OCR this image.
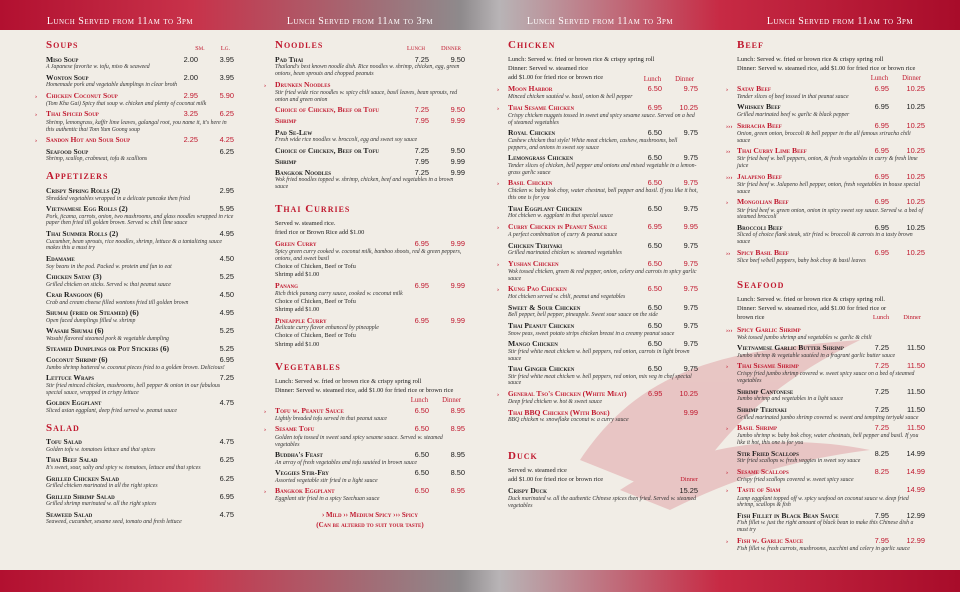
Lunch Served from 11am to 3pm	Lunch Served from 11am to 3pm	Lunch Served from 11am to 3pm	Lunch Served from 11am to 3pm
Soups	Sm. Lg.
Miso Soup	2.00	3.95
A Japanese favorite w. tofu, miso & seaweed
Wonton Soup	2.00	3.95
Homemade pork and vegetable dumplings in clear broth
›	Chicken Coconut Soup	2.95	5.90
(Tom Kha Gai) Spicy thai soup w. chicken and plenty of coconut milk
›	Thai Spiced Soup	3.25	6.25
Shrimp, lemongrass, kaffir lime leaves, galangal root, you name it, it's here in this authentic thai Tom Yum Goong soup
›	Sandon Hot and Sour Soup	2.25	4.25
Seafood Soup	6.25
Shrimp, scallop, crabmeat, tofu & scallions
Appetizers
Crispy Spring Rolls (2)	2.95
Shredded vegetables wrapped in a delicate pancake then fried
Vietnamese Egg Rolls (2)	5.95
Pork, jicama, carrots, onion, two mushrooms, and glass noodles wrapped in rice paper then fried till golden brown. Served w. chili lime sauce
Thai Summer Rolls (2)	4.95
Cucumber, bean sprouts, rice noodles, shrimp, lettuce & a tantalizing sauce makes this a must try
Edamame	4.50
Soy beans in the pod. Packed w. protein and fun to eat
Chicken Satay (3)	5.25
Grilled chicken on sticks. Served w. thai peanut sauce
Crab Rangoon (6)	4.50
Crab and cream cheese filled wontons fried till golden brown
Shumai (fried or Steamed) (6)	4.95
Open faced dumplings filled w. shrimp
Wasabi Shumai (6)	5.25
Wasabi flavored steamed pork & vegetable dumpling
Steamed Dumplings or Pot Stickers (6)	5.25
Coconut Shrimp (6)	6.95
Jumbo shrimp battered w. coconut pieces fried to a golden brown. Delicious!
Lettuce Wraps	7.25
Stir fried minced chicken, mushrooms, bell pepper & onion in our fabulous special sauce, wrapped in crispy lettuce
Golden Eggplant	4.75
Sliced asian eggplant, deep fried served w. peanut sauce
Salad
Tofu Salad	4.75
Golden tofu w. tomatoes lettuce and thai spices
Thai Beef Salad	6.25
It's sweet, sour, salty and spicy w. tomatoes, lettuce and thai spices
Grilled Chicken Salad	6.25
Grilled chicken marinated in all the right spices
Grilled Shrimp Salad	6.95
Grilled shrimp marinated w. all the right spices
Seaweed Salad	4.75
Seaweed, cucumber, sesame seed, tomato and fresh lettuce
Noodles	Lunch Dinner
Pad Thai	7.25	9.50
Thailand's best known noodle dish. Rice noodles w. shrimp, chicken, egg, green onions, bean sprouts and chopped peanuts
›	Drunken Noodles
Stir fried wide rice noodles w. spicy chili sauce, basil leaves, bean sprouts, red onion and green onion
Choice of Chicken, Beef or Tofu	7.25	9.50
Shrimp	7.95	9.99
Pad Se-Lew
Fresh wide rice noodles w. broccoli, egg and sweet soy sauce
Choice of Chicken, Beef or Tofu	7.25	9.50
Shrimp	7.95	9.99
Bangkok Noodles	7.25	9.99
Wok fried noodles topped w. shrimp, chicken, beef and vegetables in a brown sauce
Thai Curries
Served w. steamed rice.
fried rice or Brown Rice add $1.00
Green Curry	6.95	9.99
Spicy green curry cooked w. coconut milk, bamboo shoots, red & green peppers, onions, and sweet basil
Choice of Chicken, Beef or Tofu
Shrimp add $1.00
Panang	6.95	9.99
Rich thick panang curry sauce, cooked w. coconut milk
Choice of Chicken, Beef or Tofu
Shrimp add $1.00
Pineapple Curry	6.95	9.99
Delicate curry flavor enhanced by pineapple
Choice of Chicken, Beef or Tofu
Shrimp add $1.00
Vegetables
Lunch: Served w. fried or brown rice & crispy spring roll
Dinner: Served w. steamed rice, add $1.00 for fried rice or brown rice
Lunch Dinner
›	Tofu w. Peanut Sauce	6.50	8.95
Lightly breaded tofu served in thai peanut sauce
›	Sesame Tofu	6.50	8.95
Golden tofu tossed in sweet sand spicy sesame sauce. Served w. steamed vegetables
Buddha's Feast	6.50	8.95
An array of fresh vegetables and tofu sautéed in brown sauce
Veggies Stir-Fry	6.50	8.50
Assorted vegetable stir fried in a light sauce
›	Bangkok Eggplant	6.50	8.95
Eggplant stir fried in a spicy Szechuan sauce
› Mild ›› Medium Spicy ››› Spicy
(Can be altered to suit your taste)
Chicken
Lunch: Served w. fried or brown rice & crispy spring roll
Dinner: Served w. steamed rice
add $1.00 for fried rice or brown rice	Lunch Dinner
›	Moon Harbor	6.50	9.75
Minced chicken sautéed w. basil, onion & bell pepper
›	Thai Sesame Chicken	6.95	10.25
Crispy chicken nuggets tossed in sweet and spicy sesame sauce. Served on a bed of steamed vegetables
Royal Chicken	6.50	9.75
Cashew chicken thai style! White meat chicken, cashew, mushrooms, bell peppers, and onions in sweet soy sauce
Lemongrass Chicken	6.50	9.75
Tender slices of chicken, bell pepper and onions and mixed vegetable in a lemon-grass garlic sauce
›	Basil Chicken	6.50	9.75
Chicken w. baby bok choy, water chestnut, bell pepper and basil. If you like it hot, this one is for you
Thai Eggplant Chicken	6.50	9.75
Hot chicken w. eggplant in thai special sauce
›	Curry Chicken in Peanut Sauce	6.95	9.95
A perfect combination of curry & peanut sauce
Chicken Teriyaki	6.50	9.75
Grilled marinated chicken w. steamed vegetables
›	Yushan Chicken	6.50	9.75
Wok tossed chicken, green & red pepper, onion, celery and carrots in spicy garlic sauce
›	Kung Pao Chicken	6.50	9.75
Hot chicken served w. chili, peanut and vegetables
Sweet & Sour Chicken	6.50	9.75
Bell pepper, bell pepper, pineapple. Sweet sour sauce on the side
Thai Peanut Chicken	6.50	9.75
Snow peas, sweet potato strips chicken breast in a creamy peanut sauce
Mango Chicken	6.50	9.75
Stir fried white meat chicken w. bell peppers, red onion, carrots in light brown sauce
Thai Ginger Chicken	6.50	9.75
Stir fried white meat chicken w. bell peppers, red onion, mix veg in chef special sauce
›	General Tso's Chicken (White Meat)	6.95	10.25
Deep fried chicken w. hot & sweet sauce
Thai BBQ Chicken (With Bone)	9.99
BBQ chicken w. snowflake coconut w. a curry sauce
Duck
Served w. steamed rice
add $1.00 for fried rice or brown rice	Dinner
Crispy Duck	15.25
Duck marinated w. all the authentic Chinese spices then fried. Served w. steamed vegetables
Beef
Lunch: Served w. fried or brown rice & crispy spring roll
Dinner: Served w. steamed rice, add $1.00 for fried rice or brown rice
Lunch Dinner
›	Satay Beef	6.95	10.25
Tender slices of beef tossed in thai peanut sauce
Whiskey Beef	6.95	10.25
Grilled marinated beef w. garlic & black pepper
››› Sriracha Beef	6.95	10.25
Onion, green onion, broccoli & bell pepper in the all famous sriracha chili sauce
›› Thai Curry Lime Beef	6.95	10.25
Stir fried beef w. bell peppers, onion, & fresh vegetables in curry & fresh lime juice
››› Jalapeno Beef	6.95	10.25
Stir fried beef w. Jalapeno bell pepper, onion, fresh vegetables in house special sauce
›	Mongolian Beef	6.95	10.25
Stir fried beef w. green onion, onion in spicy sweet soy sauce. Served w. a bed of steamed broccoli
Broccoli Beef	6.95	10.25
Sliced of choice flank steak, stir fried w. broccoli & carrots in a tasty brown sauce
›› Spicy Basil Beef	6.95	10.25
Slice beef w/bell peppers, baby bok choy & basil leaves
Seafood
Lunch: Served w. fried or brown rice & crispy spring roll.
Dinner: Served w. steamed rice, add $1.00 for fried rice or
brown rice	Lunch Dinner
››› Spicy Garlic Shrimp
Wok tossed jumbo shrimp and vegetables w. garlic & chili
Vietnamese Garlic Butter Shrimp	7.25	11.50
Jumbo shrimp & vegetable sautéed in a fragrant garlic butter sauce
›	Thai Sesame Shrimp	7.25	11.50
Crispy fried jumbo shrimp covered w. sweet spicy sauce on a bed of steamed vegetables
Shrimp Cantonese	7.25	11.50
Jumbo shrimp and vegetables in a light sauce
Shrimp Teriyaki	7.25	11.50
Grilled marinated jumbo shrimp covered w. sweet and tempting teriyaki sauce
›	Basil Shrimp	7.25	11.50
Jumbo shrimp w. baby bok choy, water chestnuts, bell pepper and basil. If you like it hot, this one is for you
Stir Fried Scallops	8.25	14.99
Stir fried scallops w. fresh veggies in sweet soy sauce
›	Sesame Scallops	8.25	14.99
Crispy fried scallops covered w. sweet spicy sauce
›	Taste of Siam	14.99
Lump eggplant topped off w. spicy seafood on coconut sauce w. deep fried shrimp, scallops & fish
Fish Fillet in Black Bean Sauce	7.95	12.99
Fish fillet w. just the right amount of black bean to make this Chinese dish a must try
›	Fish w. Garlic Sauce	7.95	12.99
Fish fillet w. fresh carrots, mushrooms, zucchini and celery in garlic sauce
